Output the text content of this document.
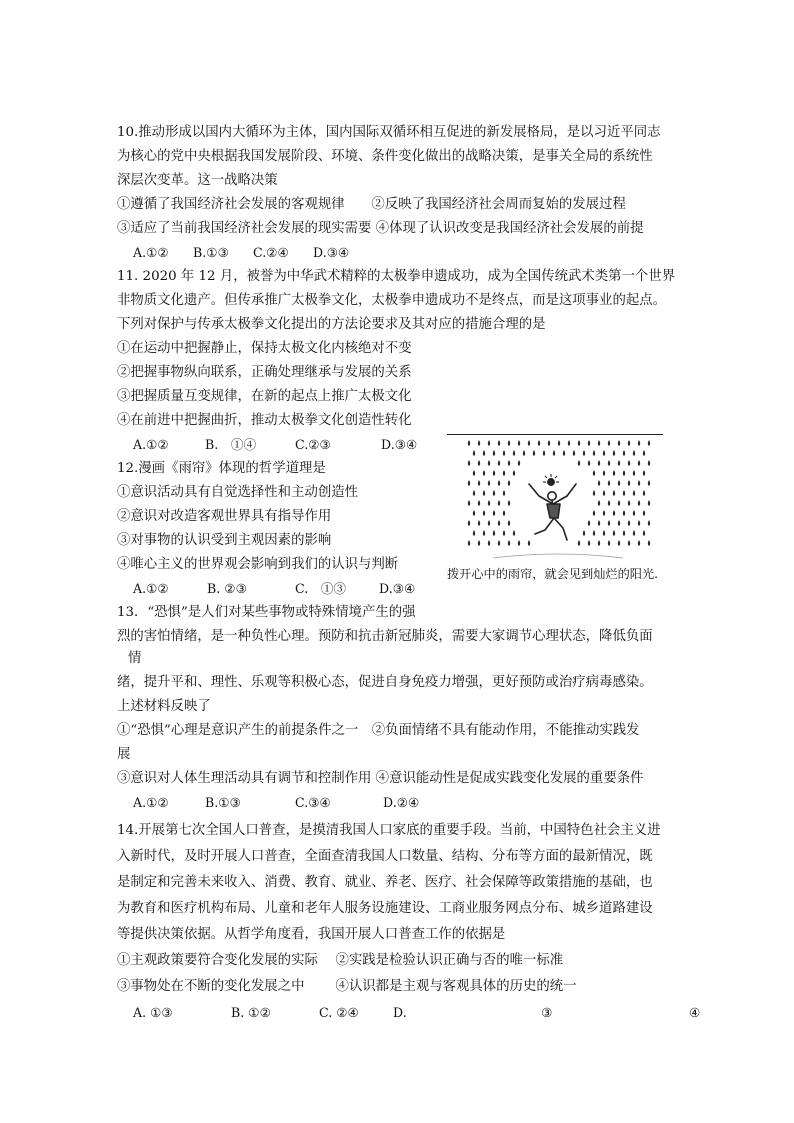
10.推动形成以国内大循环为主体，国内国际双循环相互促进的新发展格局，是以习近平同志
为核心的党中央根据我国发展阶段、环境、条件变化做出的战略决策，是事关全局的系统性
深层次变革。这一战略决策
①遵循了我国经济社会发展的客观规律　　②反映了我国经济社会周而复始的发展过程
③适应了当前我国经济社会发展的现实需要 ④体现了认识改变是我国经济社会发展的前提
A.①② B.①③ C.②④ D.③④
11. 2020 年 12 月，被誉为中华武术精粹的太极拳申遗成功，成为全国传统武术类第一个世界
非物质文化遗产。但传承推广太极拳文化，太极拳申遗成功不是终点，而是这项事业的起点。
下列对保护与传承太极拳文化提出的方法论要求及其对应的措施合理的是
①在运动中把握静止，保持太极文化内核绝对不变
②把握事物纵向联系，正确处理继承与发展的关系
③把握质量互变规律，在新的起点上推广太极文化
④在前进中把握曲折，推动太极拳文化创造性转化
A.①②	B.　①④	C.②③	D.③④
12.漫画《雨帘》体现的哲学道理是
①意识活动具有自觉选择性和主动创造性
②意识对改造客观世界具有指导作用
③对事物的认识受到主观因素的影响
④唯心主义的世界观会影响到我们的认识与判断
A.①②	B. ②③	C.　①③	D.③④
拨开心中的雨帘，就会见到灿烂的阳光.
13．“恐惧”是人们对某些事物或特殊情境产生的强
烈的害怕情绪，是一种负性心理。预防和抗击新冠肺炎，需要大家调节心理状态，降低负面
情
绪，提升平和、理性、乐观等积极心态，促进自身免疫力增强，更好预防或治疗病毒感染。
上述材料反映了
①“恐惧”心理是意识产生的前提条件之一　②负面情绪不具有能动作用，不能推动实践发
展
③意识对人体生理活动具有调节和控制作用 ④意识能动性是促成实践变化发展的重要条件
A.①②	B.①③	C.③④	D.②④
14.开展第七次全国人口普查，是摸清我国人口家底的重要手段。当前，中国特色社会主义进
入新时代，及时开展人口普查，全面查清我国人口数量、结构、分布等方面的最新情况，既
是制定和完善未来收入、消费、教育、就业、养老、医疗、社会保障等政策措施的基础，也
为教育和医疗机构布局、儿童和老年人服务设施建设、工商业服务网点分布、城乡道路建设
等提供决策依据。从哲学角度看，我国开展人口普查工作的依据是
①主观政策要符合变化发展的实际　 ②实践是检验认识正确与否的唯一标准
③事物处在不断的变化发展之中　　 ④认识都是主观与客观具体的历史的统一
A. ①③	B. ①②	C. ②④	D.	③	④
